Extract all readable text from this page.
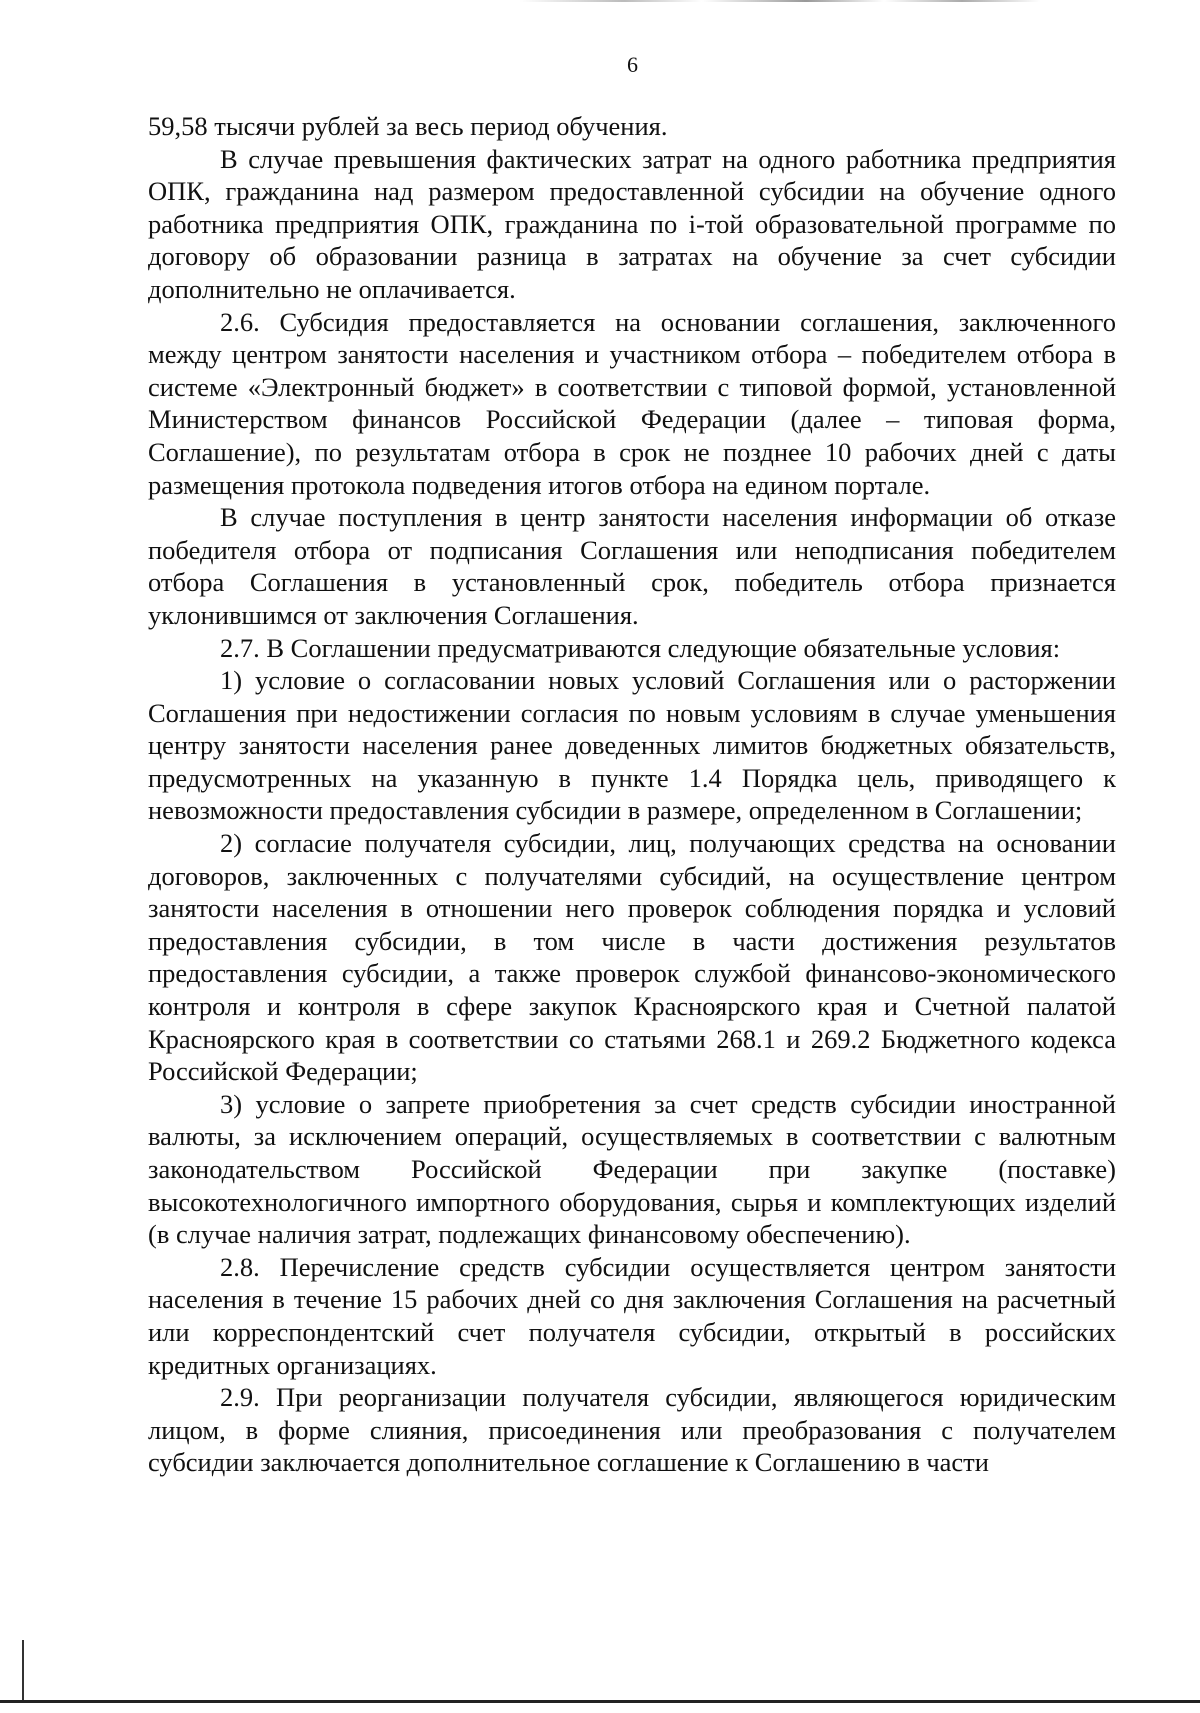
6

59,58 тысячи рублей за весь период обучения.

В случае превышения фактических затрат на одного работника предприятия ОПК, гражданина над размером предоставленной субсидии на обучение одного работника предприятия ОПК, гражданина по i-той образовательной программе по договору об образовании разница в затратах на обучение за счет субсидии дополнительно не оплачивается.

2.6. Субсидия предоставляется на основании соглашения, заключенного между центром занятости населения и участником отбора – победителем отбора в системе «Электронный бюджет» в соответствии с типовой формой, установленной Министерством финансов Российской Федерации (далее – типовая форма, Соглашение), по результатам отбора в срок не позднее 10 рабочих дней с даты размещения протокола подведения итогов отбора на едином портале.

В случае поступления в центр занятости населения информации об отказе победителя отбора от подписания Соглашения или неподписания победителем отбора Соглашения в установленный срок, победитель отбора признается уклонившимся от заключения Соглашения.

2.7. В Соглашении предусматриваются следующие обязательные условия:

1) условие о согласовании новых условий Соглашения или о расторжении Соглашения при недостижении согласия по новым условиям в случае уменьшения центру занятости населения ранее доведенных лимитов бюджетных обязательств, предусмотренных на указанную в пункте 1.4 Порядка цель, приводящего к невозможности предоставления субсидии в размере, определенном в Соглашении;

2) согласие получателя субсидии, лиц, получающих средства на основании договоров, заключенных с получателями субсидий, на осуществление центром занятости населения в отношении него проверок соблюдения порядка и условий предоставления субсидии, в том числе в части достижения результатов предоставления субсидии, а также проверок службой финансово-экономического контроля и контроля в сфере закупок Красноярского края и Счетной палатой Красноярского края в соответствии со статьями 268.1 и 269.2 Бюджетного кодекса Российской Федерации;

3) условие о запрете приобретения за счет средств субсидии иностранной валюты, за исключением операций, осуществляемых в соответствии с валютным законодательством Российской Федерации при закупке (поставке) высокотехнологичного импортного оборудования, сырья и комплектующих изделий (в случае наличия затрат, подлежащих финансовому обеспечению).

2.8. Перечисление средств субсидии осуществляется центром занятости населения в течение 15 рабочих дней со дня заключения Соглашения на расчетный или корреспондентский счет получателя субсидии, открытый в российских кредитных организациях.

2.9. При реорганизации получателя субсидии, являющегося юридическим лицом, в форме слияния, присоединения или преобразования с получателем субсидии заключается дополнительное соглашение к Соглашению в части
